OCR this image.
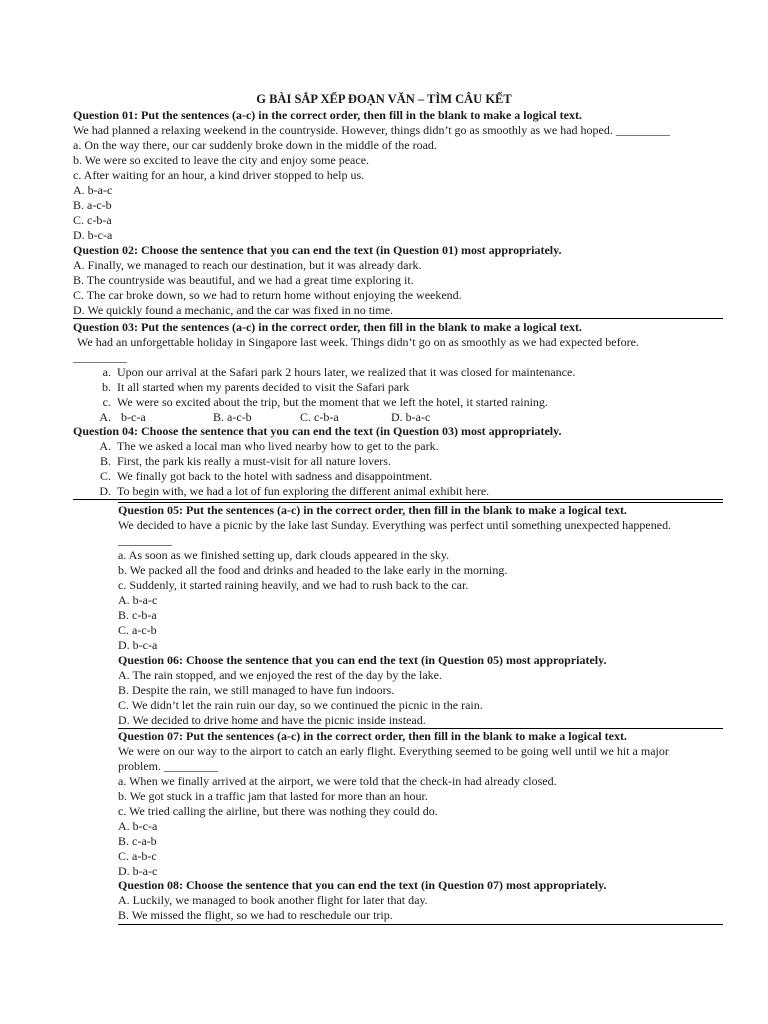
G BÀI SẮP XẾP ĐOẠN VĂN – TÌM CÂU KẾT
Question 01: Put the sentences (a-c) in the correct order, then fill in the blank to make a logical text.
We had planned a relaxing weekend in the countryside. However, things didn’t go as smoothly as we had hoped. _________
a. On the way there, our car suddenly broke down in the middle of the road.
b. We were so excited to leave the city and enjoy some peace.
c. After waiting for an hour, a kind driver stopped to help us.
A. b-a-c
B. a-c-b
C. c-b-a
D. b-c-a
Question 02: Choose the sentence that you can end the text (in Question 01) most appropriately.
A. Finally, we managed to reach our destination, but it was already dark.
B. The countryside was beautiful, and we had a great time exploring it.
C. The car broke down, so we had to return home without enjoying the weekend.
D. We quickly found a mechanic, and the car was fixed in no time.
Question 03: Put the sentences (a-c) in the correct order, then fill in the blank to make a logical text.
We had an unforgettable holiday in Singapore last week. Things didn’t go on as smoothly as we had expected before.
_________
a. Upon our arrival at the Safari park 2 hours later, we realized that it was closed for maintenance.
b. It all started when my parents decided to visit the Safari park
c. We were so excited about the trip, but the moment that we left the hotel, it started raining.
A. b-c-a	B. a-c-b	C. c-b-a	D. b-a-c
Question 04: Choose the sentence that you can end the text (in Question 03) most appropriately.
A. The we asked a local man who lived nearby how to get to the park.
B. First, the park kis really a must-visit for all nature lovers.
C. We finally got back to the hotel with sadness and disappointment.
D. To begin with, we had a lot of fun exploring the different animal exhibit here.
Question 05: Put the sentences (a-c) in the correct order, then fill in the blank to make a logical text.
We decided to have a picnic by the lake last Sunday. Everything was perfect until something unexpected happened.
_________
a. As soon as we finished setting up, dark clouds appeared in the sky.
b. We packed all the food and drinks and headed to the lake early in the morning.
c. Suddenly, it started raining heavily, and we had to rush back to the car.
A. b-a-c
B. c-b-a
C. a-c-b
D. b-c-a
Question 06: Choose the sentence that you can end the text (in Question 05) most appropriately.
A. The rain stopped, and we enjoyed the rest of the day by the lake.
B. Despite the rain, we still managed to have fun indoors.
C. We didn’t let the rain ruin our day, so we continued the picnic in the rain.
D. We decided to drive home and have the picnic inside instead.
Question 07: Put the sentences (a-c) in the correct order, then fill in the blank to make a logical text.
We were on our way to the airport to catch an early flight. Everything seemed to be going well until we hit a major
problem. _________
a. When we finally arrived at the airport, we were told that the check-in had already closed.
b. We got stuck in a traffic jam that lasted for more than an hour.
c. We tried calling the airline, but there was nothing they could do.
A. b-c-a
B. c-a-b
C. a-b-c
D. b-a-c
Question 08: Choose the sentence that you can end the text (in Question 07) most appropriately.
A. Luckily, we managed to book another flight for later that day.
B. We missed the flight, so we had to reschedule our trip.
